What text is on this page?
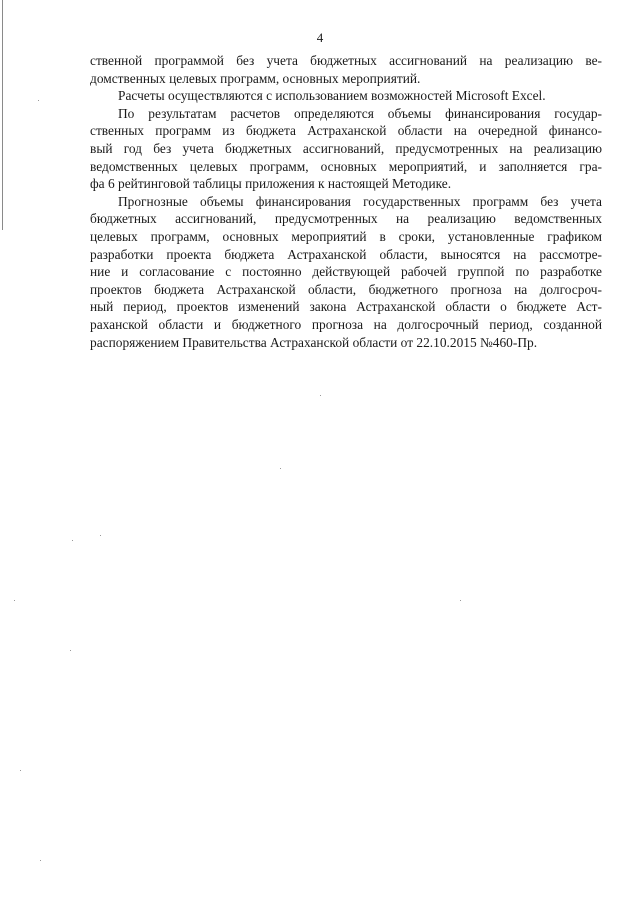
4
ственной программой без учета бюджетных ассигнований на реализацию ве-
домственных целевых программ, основных мероприятий.
Расчеты осуществляются с использованием возможностей Microsoft Excel.
По результатам расчетов определяются объемы финансирования государ-
ственных программ из бюджета Астраханской области на очередной финансо-
вый год без учета бюджетных ассигнований, предусмотренных на реализацию
ведомственных целевых программ, основных мероприятий, и заполняется гра-
фа 6 рейтинговой таблицы приложения к настоящей Методике.
Прогнозные объемы финансирования государственных программ без учета
бюджетных ассигнований, предусмотренных на реализацию ведомственных
целевых программ, основных мероприятий в сроки, установленные графиком
разработки проекта бюджета Астраханской области, выносятся на рассмотре-
ние и согласование с постоянно действующей рабочей группой по разработке
проектов бюджета Астраханской области, бюджетного прогноза на долгосроч-
ный период, проектов изменений закона Астраханской области о бюджете Аст-
раханской области и бюджетного прогноза на долгосрочный период, созданной
распоряжением Правительства Астраханской области от 22.10.2015 №460-Пр.
